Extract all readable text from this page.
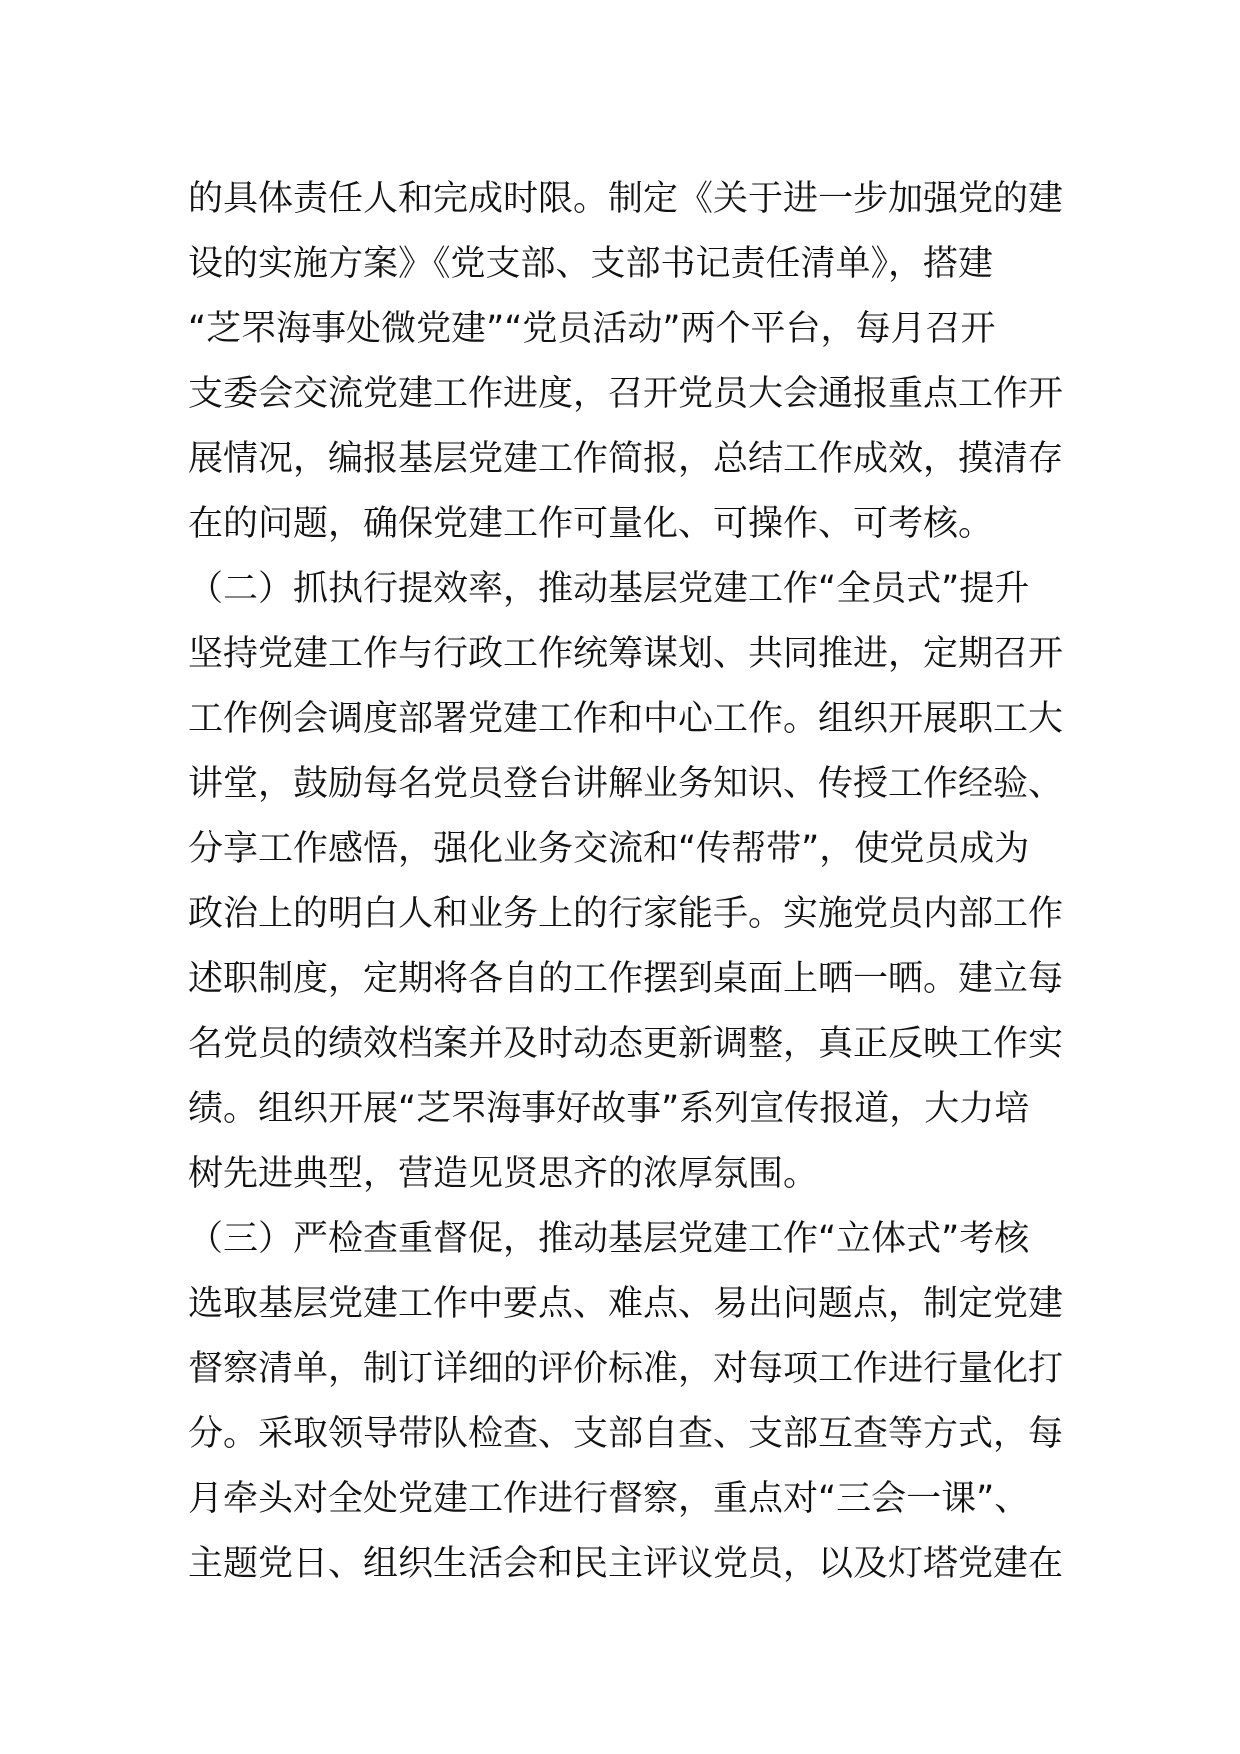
的具体责任人和完成时限。制定《关于进一步加强党的建
设的实施方案》《党支部、支部书记责任清单》，搭建
“芝罘海事处微党建”“党员活动”两个平台，每月召开
支委会交流党建工作进度，召开党员大会通报重点工作开
展情况，编报基层党建工作简报，总结工作成效，摸清存
在的问题，确保党建工作可量化、可操作、可考核。
（二）抓执行提效率，推动基层党建工作“全员式”提升
坚持党建工作与行政工作统筹谋划、共同推进，定期召开
工作例会调度部署党建工作和中心工作。组织开展职工大
讲堂，鼓励每名党员登台讲解业务知识、传授工作经验、
分享工作感悟，强化业务交流和“传帮带”，使党员成为
政治上的明白人和业务上的行家能手。实施党员内部工作
述职制度，定期将各自的工作摆到桌面上晒一晒。建立每
名党员的绩效档案并及时动态更新调整，真正反映工作实
绩。组织开展“芝罘海事好故事”系列宣传报道，大力培
树先进典型，营造见贤思齐的浓厚氛围。
（三）严检查重督促，推动基层党建工作“立体式”考核
选取基层党建工作中要点、难点、易出问题点，制定党建
督察清单，制订详细的评价标准，对每项工作进行量化打
分。采取领导带队检查、支部自查、支部互查等方式，每
月牵头对全处党建工作进行督察，重点对“三会一课”、
主题党日、组织生活会和民主评议党员，以及灯塔党建在
